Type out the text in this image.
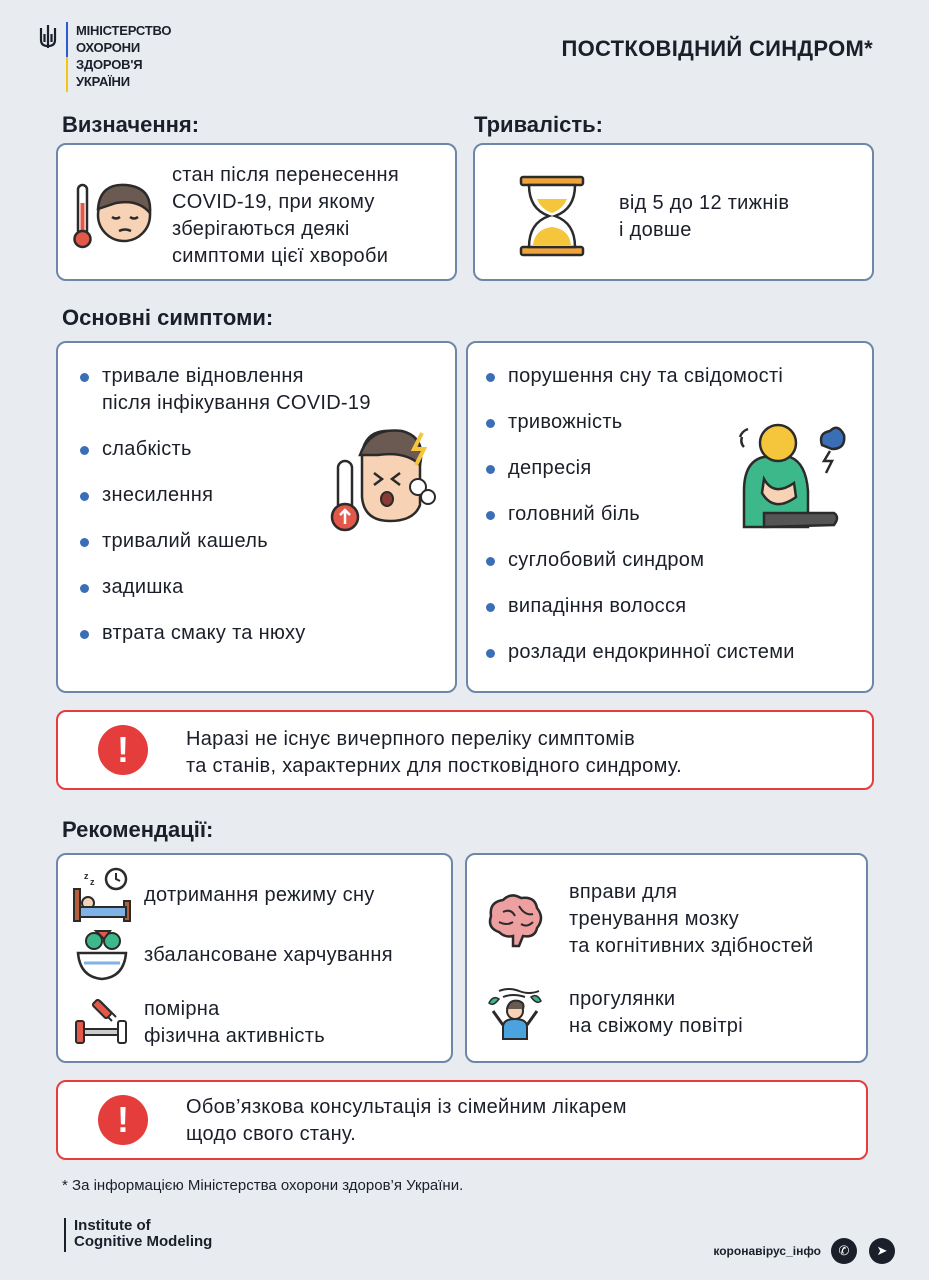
МІНІСТЕРСТВО
ОХОРОНИ
ЗДОРОВ'Я
УКРАЇНИ
ПОСТКОВІДНИЙ СИНДРОМ*
Визначення:
стан після перенесення
COVID-19, при якому
зберігаються деякі
симптоми цієї хвороби
Тривалість:
від 5 до 12 тижнів
і довше
Основні симптоми:
тривале відновлення
після інфікування COVID-19
слабкість
знесилення
тривалий кашель
задишка
втрата смаку та нюху
порушення сну та свідомості
тривожність
депресія
головний біль
суглобовий синдром
випадіння волосся
розлади ендокринної системи
!	Наразі не існує вичерпного переліку симптомів
та станів, характерних для постковідного синдрому.
Рекомендації:
z
z
дотримання режиму сну
збалансоване харчування
помірна
фізична активність
вправи для
тренування мозку
та когнітивних здібностей
прогулянки
на свіжому повітрі
!	Обов’язкова консультація із сімейним лікарем
щодо свого стану.
* За інформацією Міністерства охорони здоров’я України.
Institute of
Cognitive Modeling
коронавірус_інфо	✆	➤
